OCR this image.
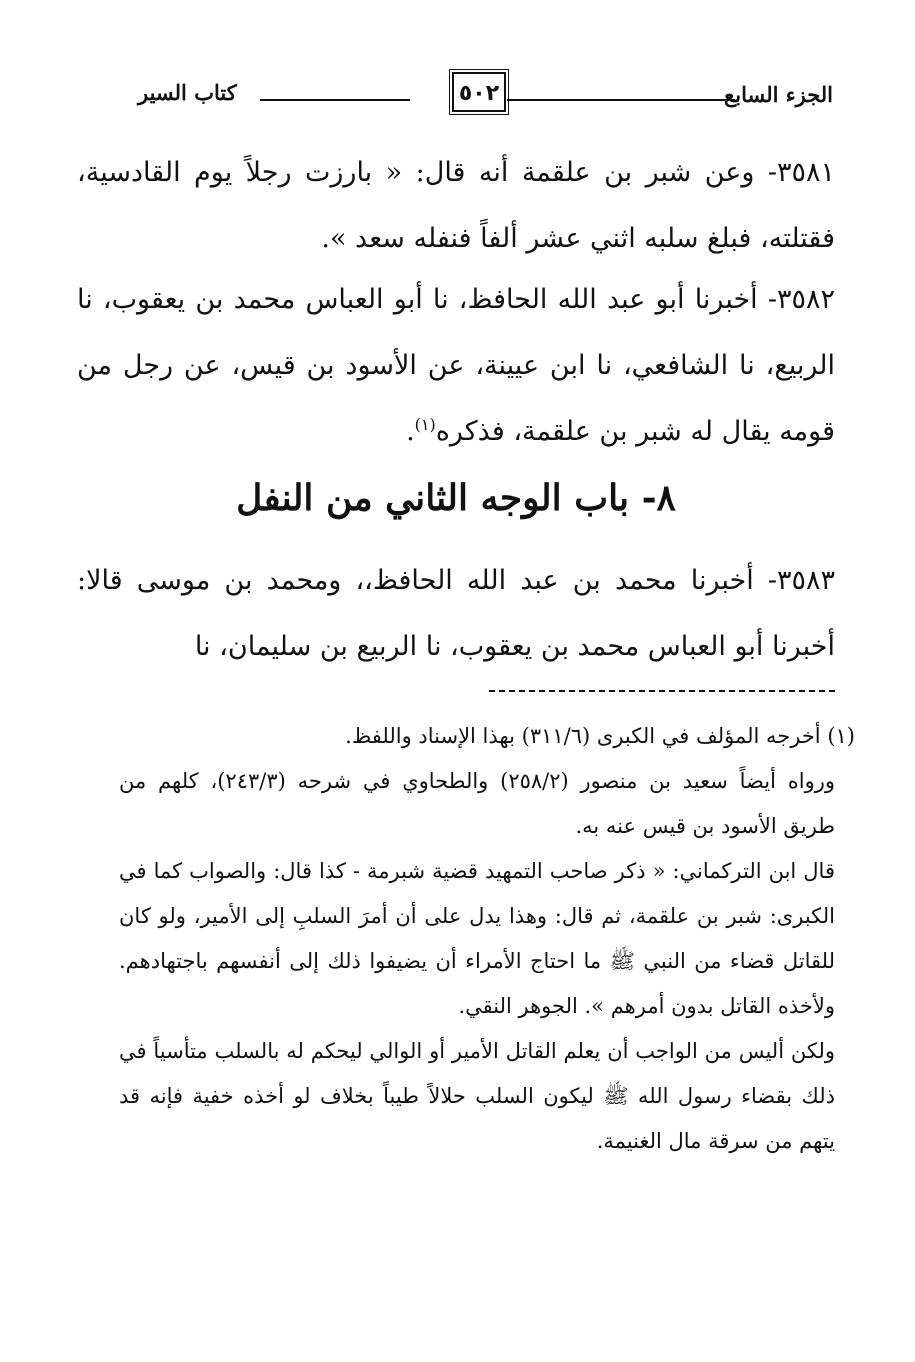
الجزء السابع
٥٠٢
كتاب السير

٣٥٨١- وعن شبر بن علقمة أنه قال: « بارزت رجلاً يوم القادسية، فقتلته، فبلغ سلبه اثني عشر ألفاً فنفله سعد ».

٣٥٨٢- أخبرنا أبو عبد الله الحافظ، نا أبو العباس محمد بن يعقوب، نا الربيع، نا الشافعي، نا ابن عيينة، عن الأسود بن قيس، عن رجل من قومه يقال له شبر بن علقمة، فذكره$^{(١)}$.

٨- باب الوجه الثاني من النفل

٣٥٨٣- أخبرنا محمد بن عبد الله الحافظ،، ومحمد بن موسى قالا: أخبرنا أبو العباس محمد بن يعقوب، نا الربيع بن سليمان، نا

(١) أخرجه المؤلف في الكبرى (٣١١/٦) بهذا الإسناد واللفظ.

ورواه أيضاً سعيد بن منصور (٢٥٨/٢) والطحاوي في شرحه (٢٤٣/٣)، كلهم من طريق الأسود بن قيس عنه به.

قال ابن التركماني: « ذكر صاحب التمهيد قضية شبرمة - كذا قال: والصواب كما في الكبرى: شبر بن علقمة، ثم قال: وهذا يدل على أن أمرَ السلبِ إلى الأمير، ولو كان للقاتل قضاء من النبي ﷺ ما احتاج الأمراء أن يضيفوا ذلك إلى أنفسهم باجتهادهم. ولأخذه القاتل بدون أمرهم ». الجوهر النقي.

ولكن أليس من الواجب أن يعلم القاتل الأمير أو الوالي ليحكم له بالسلب متأسياً في ذلك بقضاء رسول الله ﷺ ليكون السلب حلالاً طيباً بخلاف لو أخذه خفية فإنه قد يتهم من سرقة مال الغنيمة.
